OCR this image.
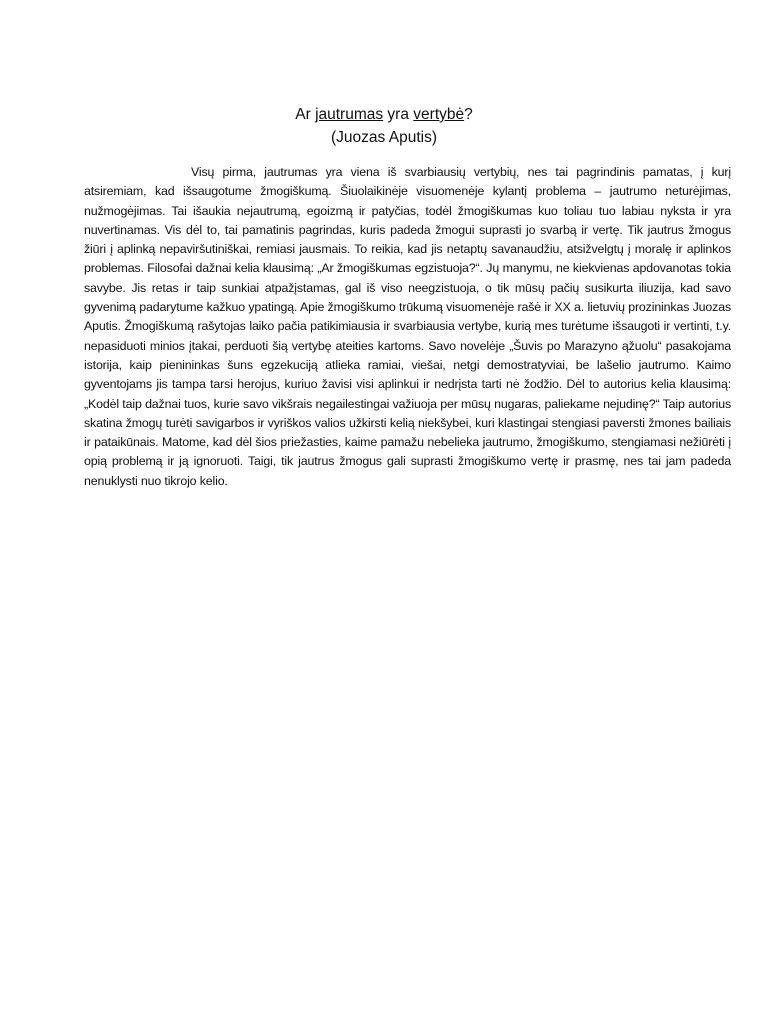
Ar jautrumas yra vertybė?
(Juozas Aputis)

Visų pirma, jautrumas yra viena iš svarbiausių vertybių, nes tai pagrindinis pamatas, į kurį atsiremiam, kad išsaugotume žmogiškumą. Šiuolaikinėje visuomenėje kylantį problema – jautrumo neturėjimas, nužmogėjimas. Tai išaukia nejautrumą, egoizmą ir patyčias, todėl žmogiškumas kuo toliau tuo labiau nyksta ir yra nuvertinamas. Vis dėl to, tai pamatinis pagrindas, kuris padeda žmogui suprasti jo svarbą ir vertę. Tik jautrus žmogus žiūri į aplinką nepaviršutiniškai, remiasi jausmais. To reikia, kad jis netaptų savanaudžiu, atsižvelgtų į moralę ir aplinkos problemas. Filosofai dažnai kelia klausimą: „Ar žmogiškumas egzistuoja?“. Jų manymu, ne kiekvienas apdovanotas tokia savybe. Jis retas ir taip sunkiai atpažįstamas, gal iš viso neegzistuoja, o tik mūsų pačių susikurta iliuzija, kad savo gyvenimą padarytume kažkuo ypatingą. Apie žmogiškumo trūkumą visuomenėje rašė ir XX a. lietuvių prozininkas Juozas Aputis. Žmogiškumą rašytojas laiko pačia patikimiausia ir svarbiausia vertybe, kurią mes turėtume išsaugoti ir vertinti, t.y. nepasiduoti minios įtakai, perduoti šią vertybę ateities kartoms. Savo novelėje „Šuvis po Marazyno ąžuolu“ pasakojama istorija, kaip pienininkas šuns egzekuciją atlieka ramiai, viešai, netgi demostratyviai, be lašelio jautrumo. Kaimo gyventojams jis tampa tarsi herojus, kuriuo žavisi visi aplinkui ir nedrįsta tarti nė žodžio. Dėl to autorius kelia klausimą: „Kodėl taip dažnai tuos, kurie savo vikšrais negailestingai važiuoja per mūsų nugaras, paliekame nejudinę?“ Taip autorius skatina žmogų turėti savigarbos ir vyriškos valios užkirsti kelią niekšybei, kuri klastingai stengiasi paversti žmones bailiais ir pataikūnais. Matome, kad dėl šios priežasties, kaime pamažu nebelieka jautrumo, žmogiškumo, stengiamasi nežiūrėti į opią problemą ir ją ignoruoti. Taigi, tik jautrus žmogus gali suprasti žmogiškumo vertę ir prasmę, nes tai jam padeda nenuklysti nuo tikrojo kelio.
